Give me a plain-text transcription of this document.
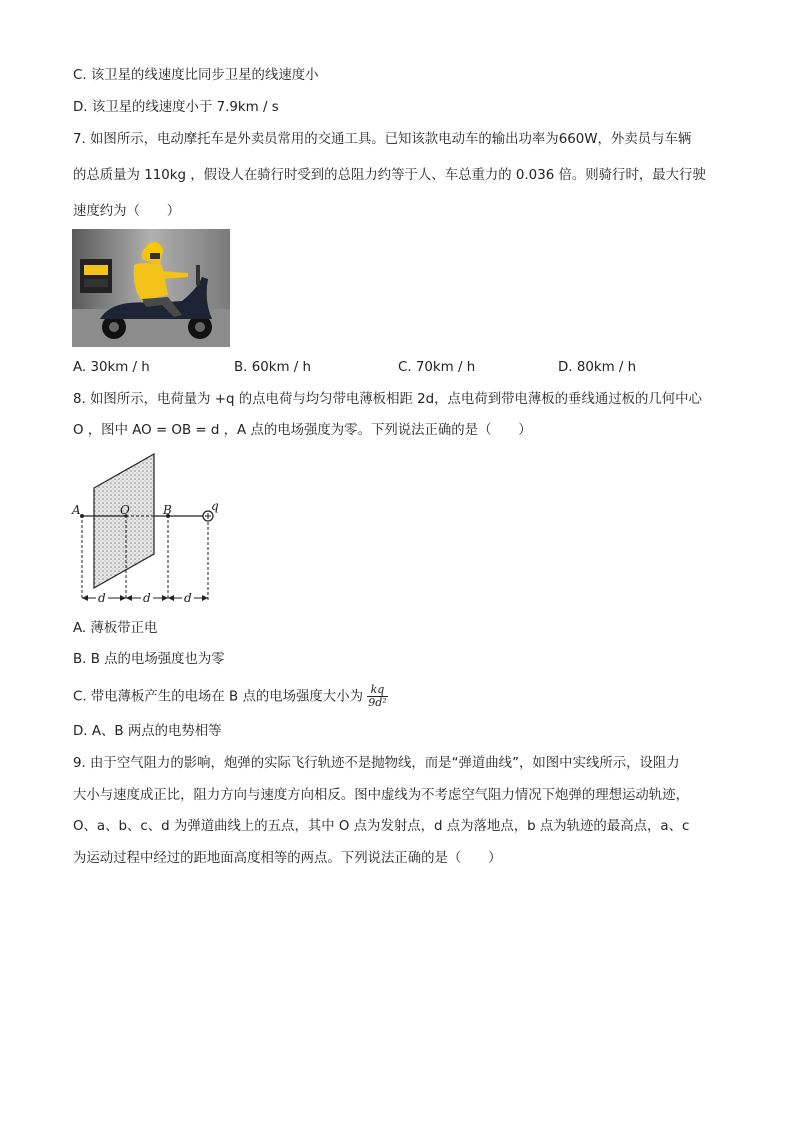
C. 该卫星的线速度比同步卫星的线速度小
D. 该卫星的线速度小于 7.9km / s
7. 如图所示，电动摩托车是外卖员常用的交通工具。已知该款电动车的输出功率为660W，外卖员与车辆
的总质量为 110kg ，假设人在骑行时受到的总阻力约等于人、车总重力的 0.036 倍。则骑行时，最大行驶
速度约为（　　）
A. 30km / h	B. 60km / h	C. 70km / h	D. 80km / h
8. 如图所示，电荷量为 +q 的点电荷与均匀带电薄板相距 2d，点电荷到带电薄板的垂线通过板的几何中心
O ，图中 AO = OB = d ，A 点的电场强度为零。下列说法正确的是（　　）
A	O	B	q
d	d	d
A. 薄板带正电
B. B 点的电场强度也为零
C. 带电薄板产生的电场在 B 点的电场强度大小为 $\frac{kq}{\text{9d²}}$
D. A、B 两点的电势相等
9. 由于空气阻力的影响，炮弹的实际飞行轨迹不是抛物线，而是“弹道曲线”，如图中实线所示，设阻力
大小与速度成正比，阻力方向与速度方向相反。图中虚线为不考虑空气阻力情况下炮弹的理想运动轨迹，
O、a、b、c、d 为弹道曲线上的五点，其中 O 点为发射点，d 点为落地点，b 点为轨迹的最高点，a、c
为运动过程中经过的距地面高度相等的两点。下列说法正确的是（　　）
